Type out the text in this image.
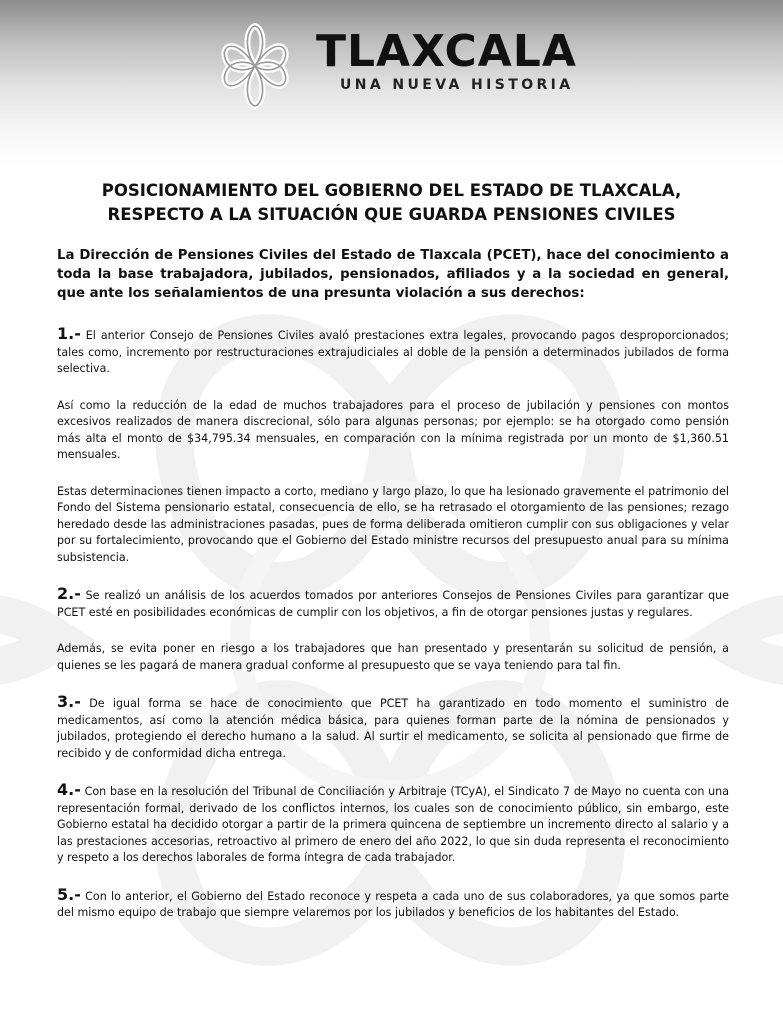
TLAXCALA
UNA NUEVA HISTORIA
POSICIONAMIENTO DEL GOBIERNO DEL ESTADO DE TLAXCALA,
RESPECTO A LA SITUACIÓN QUE GUARDA PENSIONES CIVILES

La Dirección de Pensiones Civiles del Estado de Tlaxcala (PCET), hace del conocimiento a toda la base trabajadora, jubilados, pensionados, afiliados y a la sociedad en general, que ante los señalamientos de una presunta violación a sus derechos:

1.- El anterior Consejo de Pensiones Civiles avaló prestaciones extra legales, provocando pagos desproporcionados; tales como, incremento por restructuraciones extrajudiciales al doble de la pensión a determinados jubilados de forma selectiva.

Así como la reducción de la edad de muchos trabajadores para el proceso de jubilación y pensiones con montos excesivos realizados de manera discrecional, sólo para algunas personas; por ejemplo: se ha otorgado como pensión más alta el monto de $34,795.34 mensuales, en comparación con la mínima registrada por un monto de $1,360.51 mensuales.

Estas determinaciones tienen impacto a corto, mediano y largo plazo, lo que ha lesionado gravemente el patrimonio del Fondo del Sistema pensionario estatal, consecuencia de ello, se ha retrasado el otorgamiento de las pensiones; rezago heredado desde las administraciones pasadas, pues de forma deliberada omitieron cumplir con sus obligaciones y velar por su fortalecimiento, provocando que el Gobierno del Estado ministre recursos del presupuesto anual para su mínima subsistencia.

2.- Se realizó un análisis de los acuerdos tomados por anteriores Consejos de Pensiones Civiles para garantizar que PCET esté en posibilidades económicas de cumplir con los objetivos, a fin de otorgar pensiones justas y regulares.

Además, se evita poner en riesgo a los trabajadores que han presentado y presentarán su solicitud de pensión, a quienes se les pagará de manera gradual conforme al presupuesto que se vaya teniendo para tal fin.

3.- De igual forma se hace de conocimiento que PCET ha garantizado en todo momento el suministro de medicamentos, así como la atención médica básica, para quienes forman parte de la nómina de pensionados y jubilados, protegiendo el derecho humano a la salud. Al surtir el medicamento, se solicita al pensionado que firme de recibido y de conformidad dicha entrega.

4.- Con base en la resolución del Tribunal de Conciliación y Arbitraje (TCyA), el Sindicato 7 de Mayo no cuenta con una representación formal, derivado de los conflictos internos, los cuales son de conocimiento público, sin embargo, este Gobierno estatal ha decidido otorgar a partir de la primera quincena de septiembre un incremento directo al salario y a las prestaciones accesorias, retroactivo al primero de enero del año 2022, lo que sin duda representa el reconocimiento y respeto a los derechos laborales de forma íntegra de cada trabajador.

5.- Con lo anterior, el Gobierno del Estado reconoce y respeta a cada uno de sus colaboradores, ya que somos parte del mismo equipo de trabajo que siempre velaremos por los jubilados y beneficios de los habitantes del Estado.
